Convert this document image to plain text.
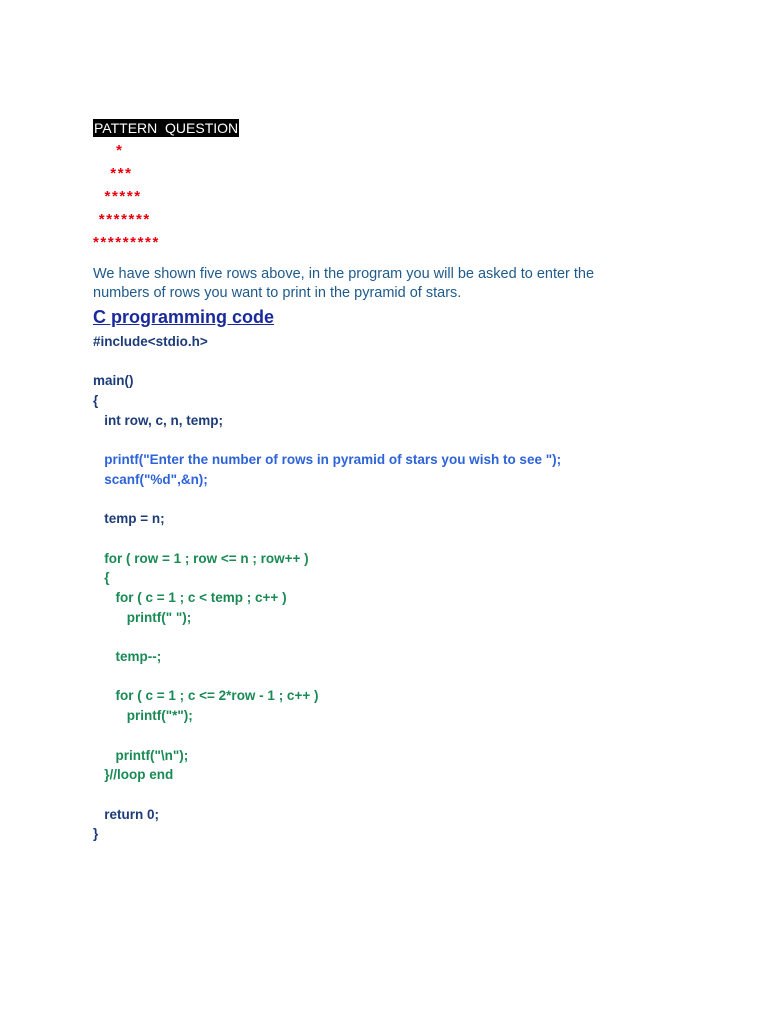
PATTERN  QUESTION
*
***
*****
*******
*********
We have shown five rows above, in the program you will be asked to enter the
numbers of rows you want to print in the pyramid of stars.
C programming code
#include<stdio.h>
main()
{
int row, c, n, temp;
printf("Enter the number of rows in pyramid of stars you wish to see ");
scanf("%d",&n);
temp = n;
for ( row = 1 ; row <= n ; row++ )
{
for ( c = 1 ; c < temp ; c++ )
printf(" ");
temp--;
for ( c = 1 ; c <= 2*row - 1 ; c++ )
printf("*");
printf("\n");
}//loop end
return 0;
}
